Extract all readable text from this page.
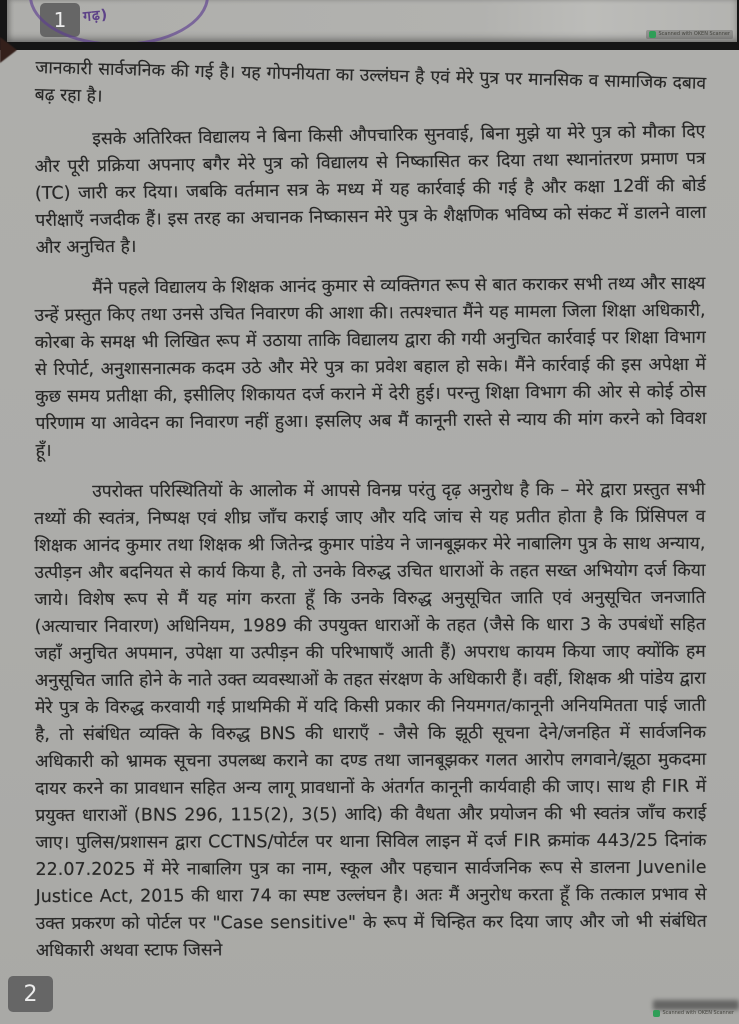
1	गढ़)
Scanned with OKEN Scanner

जानकारी सार्वजनिक की गई है। यह गोपनीयता का उल्लंघन है एवं मेरे पुत्र पर मानसिक व सामाजिक दबाव बढ़ रहा है।

इसके अतिरिक्त विद्यालय ने बिना किसी औपचारिक सुनवाई, बिना मुझे या मेरे पुत्र को मौका दिए और पूरी प्रक्रिया अपनाए बगैर मेरे पुत्र को विद्यालय से निष्कासित कर दिया तथा स्थानांतरण प्रमाण पत्र (TC) जारी कर दिया। जबकि वर्तमान सत्र के मध्य में यह कार्रवाई की गई है और कक्षा 12वीं की बोर्ड परीक्षाएँ नजदीक हैं। इस तरह का अचानक निष्कासन मेरे पुत्र के शैक्षणिक भविष्य को संकट में डालने वाला और अनुचित है।

मैंने पहले विद्यालय के शिक्षक आनंद कुमार से व्यक्तिगत रूप से बात कराकर सभी तथ्य और साक्ष्य उन्हें प्रस्तुत किए तथा उनसे उचित निवारण की आशा की। तत्पश्चात मैंने यह मामला जिला शिक्षा अधिकारी, कोरबा के समक्ष भी लिखित रूप में उठाया ताकि विद्यालय द्वारा की गयी अनुचित कार्रवाई पर शिक्षा विभाग से रिपोर्ट, अनुशासनात्मक कदम उठे और मेरे पुत्र का प्रवेश बहाल हो सके। मैंने कार्रवाई की इस अपेक्षा में कुछ समय प्रतीक्षा की, इसीलिए शिकायत दर्ज कराने में देरी हुई। परन्तु शिक्षा विभाग की ओर से कोई ठोस परिणाम या आवेदन का निवारण नहीं हुआ। इसलिए अब मैं कानूनी रास्ते से न्याय की मांग करने को विवश हूँ।

उपरोक्त परिस्थितियों के आलोक में आपसे विनम्र परंतु दृढ़ अनुरोध है कि – मेरे द्वारा प्रस्तुत सभी तथ्यों की स्वतंत्र, निष्पक्ष एवं शीघ्र जाँच कराई जाए और यदि जांच से यह प्रतीत होता है कि प्रिंसिपल व शिक्षक आनंद कुमार तथा शिक्षक श्री जितेन्द्र कुमार पांडेय ने जानबूझकर मेरे नाबालिग पुत्र के साथ अन्याय, उत्पीड़न और बदनियत से कार्य किया है, तो उनके विरुद्ध उचित धाराओं के तहत सख्त अभियोग दर्ज किया जाये। विशेष रूप से मैं यह मांग करता हूँ कि उनके विरुद्ध अनुसूचित जाति एवं अनुसूचित जनजाति (अत्याचार निवारण) अधिनियम, 1989 की उपयुक्त धाराओं के तहत (जैसे कि धारा 3 के उपबंधों सहित जहाँ अनुचित अपमान, उपेक्षा या उत्पीड़न की परिभाषाएँ आती हैं) अपराध कायम किया जाए क्योंकि हम अनुसूचित जाति होने के नाते उक्त व्यवस्थाओं के तहत संरक्षण के अधिकारी हैं। वहीं, शिक्षक श्री पांडेय द्वारा मेरे पुत्र के विरुद्ध करवायी गई प्राथमिकी में यदि किसी प्रकार की नियमगत/कानूनी अनियमितता पाई जाती है, तो संबंधित व्यक्ति के विरुद्ध BNS की धाराएँ - जैसे कि झूठी सूचना देने/जनहित में सार्वजनिक अधिकारी को भ्रामक सूचना उपलब्ध कराने का दण्ड तथा जानबूझकर गलत आरोप लगवाने/झूठा मुकदमा दायर करने का प्रावधान सहित अन्य लागू प्रावधानों के अंतर्गत कानूनी कार्यवाही की जाए। साथ ही FIR में प्रयुक्त धाराओं (BNS 296, 115(2), 3(5) आदि) की वैधता और प्रयोजन की भी स्वतंत्र जाँच कराई जाए। पुलिस/प्रशासन द्वारा CCTNS/पोर्टल पर थाना सिविल लाइन में दर्ज FIR क्रमांक 443/25 दिनांक 22.07.2025 में मेरे नाबालिग पुत्र का नाम, स्कूल और पहचान सार्वजनिक रूप से डालना Juvenile Justice Act, 2015 की धारा 74 का स्पष्ट उल्लंघन है। अतः मैं अनुरोध करता हूँ कि तत्काल प्रभाव से उक्त प्रकरण को पोर्टल पर "Case sensitive" के रूप में चिन्हित कर दिया जाए और जो भी संबंधित अधिकारी अथवा स्टाफ जिसने

2
Scanned with OKEN Scanner
